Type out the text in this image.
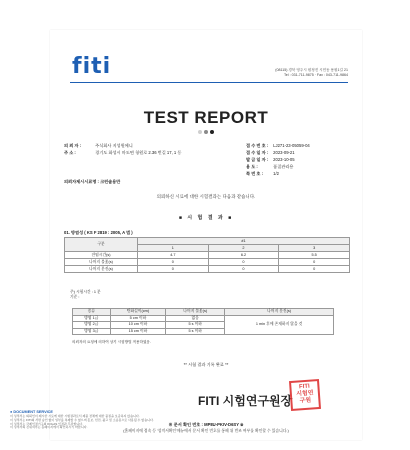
fiti	(08115) 경북 영주시 원정진 시민동 용원1길 21
Tel : 031-711-9875 · Fax : 043-711-9864
TEST REPORT
의 뢰 자 :	주식회사 지성원에니
주 소 :	경기도 화성시 마도면 청원로 2.36 번길 17, 1 동
의뢰자제시시료명 : 크린솔용만
접 수 번 호 : LJ271-23-05059-04
접 수 일 자 : 2023-09-21
발 급 일 자 : 2023-10-05
용 도 :	품질관리용
쪽 번 호 : 1/2
의뢰하신 시료에 대한 시험결과는 다음과 같습니다.
■ 시 험 결 과 ■
01. 방염성 ( KS F 2819 : 2005, A 법 )
구분	#1		
	1	2	3
잔염시간(s)	4.7	6.2	5.5
나머지 불꽃(s)	0	0	0
나머지 분진(s)	0	0	0
주) 시험시간 : 1 분
기준 :
종류	탄화길이(cm)	나머지 불꽃(s)	나머지 분진(s)
방염 1급	5 cm 이하	없음	1 min 후에 존재하지 않을 것
방염 2급	10 cm 이하	5 s 이하	
방염 3급	15 cm 이하	5 s 이하	
의뢰자의 요청에 의하여 상기 시험방법 적용하였음.
** 시험 결과 기록 완료 **
FITI 시험연구원장
FITI
시험연
구원
※ 문서 확인 번호 : MP8U-PKIV-D6SY ※
(홈페이지에 접속 등 '성적서확인'메뉴에서 문서 확인 번호를 통해 위 번조 여부를 확인할 수 있습니다.)
● DOCUMENT SERVICE
이 성적서는 의뢰인이 제시한 시료에 대한 시험결과로서 제품 전체에 대한 품질을 보증하지 않습니다.
이 성적서는 FITI의 서면 승인 없이 일부를 복제할 수 없으며 홍보, 선전, 광고 및 소송용으로 사용될 수 없습니다.
이 성적서는 국제인정기구의 KOLAS 인정과 무관합니다.
이 성적서의 진위여부는 홈페이지에서 확인하시기 바랍니다.
